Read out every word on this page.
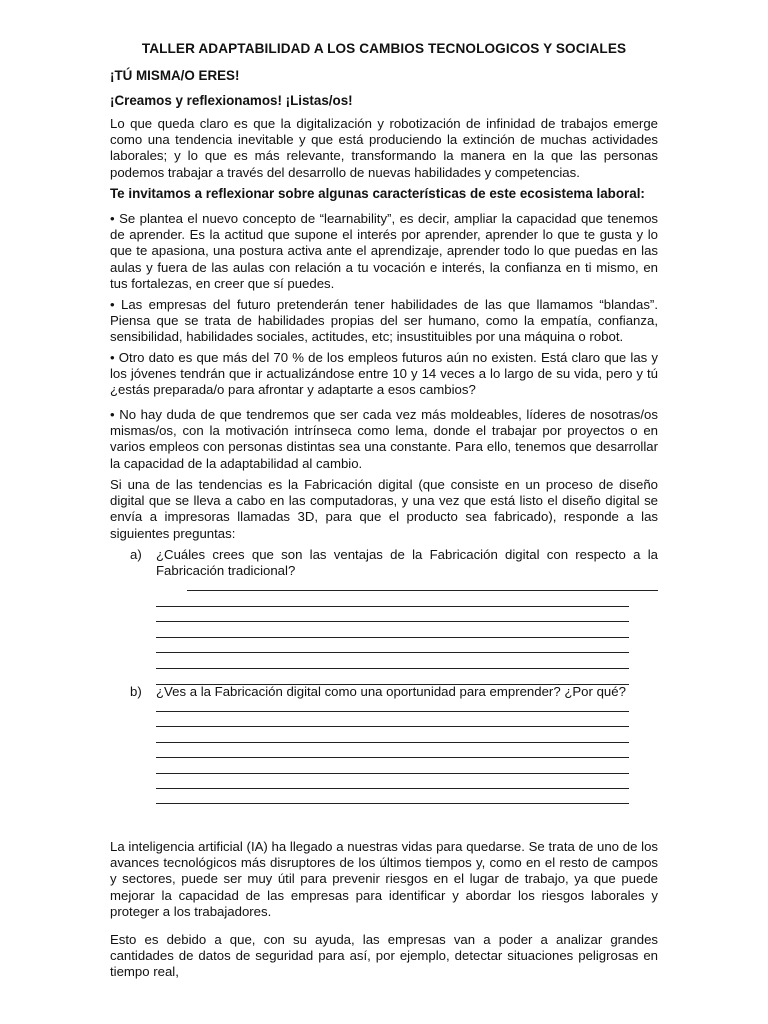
TALLER ADAPTABILIDAD A LOS CAMBIOS TECNOLOGICOS Y SOCIALES

¡TÚ MISMA/O ERES!

¡Creamos y reflexionamos! ¡Listas/os!

Lo que queda claro es que la digitalización y robotización de infinidad de trabajos emerge como una tendencia inevitable y que está produciendo la extinción de muchas actividades laborales; y lo que es más relevante, transformando la manera en la que las personas podemos trabajar a través del desarrollo de nuevas habilidades y competencias.

Te invitamos a reflexionar sobre algunas características de este ecosistema laboral:

• Se plantea el nuevo concepto de “learnability”, es decir, ampliar la capacidad que tenemos de aprender. Es la actitud que supone el interés por aprender, aprender lo que te gusta y lo que te apasiona, una postura activa ante el aprendizaje, aprender todo lo que puedas en las aulas y fuera de las aulas con relación a tu vocación e interés, la confianza en ti mismo, en tus fortalezas, en creer que sí puedes.

• Las empresas del futuro pretenderán tener habilidades de las que llamamos “blandas”. Piensa que se trata de habilidades propias del ser humano, como la empatía, confianza, sensibilidad, habilidades sociales, actitudes, etc; insustituibles por una máquina o robot.

• Otro dato es que más del 70 % de los empleos futuros aún no existen. Está claro que las y los jóvenes tendrán que ir actualizándose entre 10 y 14 veces a lo largo de su vida, pero y tú ¿estás preparada/o para afrontar y adaptarte a esos cambios?

• No hay duda de que tendremos que ser cada vez más moldeables, líderes de nosotras/os mismas/os, con la motivación intrínseca como lema, donde el trabajar por proyectos o en varios empleos con personas distintas sea una constante. Para ello, tenemos que desarrollar la capacidad de la adaptabilidad al cambio.

Si una de las tendencias es la Fabricación digital (que consiste en un proceso de diseño digital que se lleva a cabo en las computadoras, y una vez que está listo el diseño digital se envía a impresoras llamadas 3D, para que el producto sea fabricado), responde a las siguientes preguntas:

a) ¿Cuáles crees que son las ventajas de la Fabricación digital con respecto a la Fabricación tradicional?
b) ¿Ves a la Fabricación digital como una oportunidad para emprender? ¿Por qué?

La inteligencia artificial (IA) ha llegado a nuestras vidas para quedarse. Se trata de uno de los avances tecnológicos más disruptores de los últimos tiempos y, como en el resto de campos y sectores, puede ser muy útil para prevenir riesgos en el lugar de trabajo, ya que puede mejorar la capacidad de las empresas para identificar y abordar los riesgos laborales y proteger a los trabajadores.

Esto es debido a que, con su ayuda, las empresas van a poder a analizar grandes cantidades de datos de seguridad para así, por ejemplo, detectar situaciones peligrosas en tiempo real,
